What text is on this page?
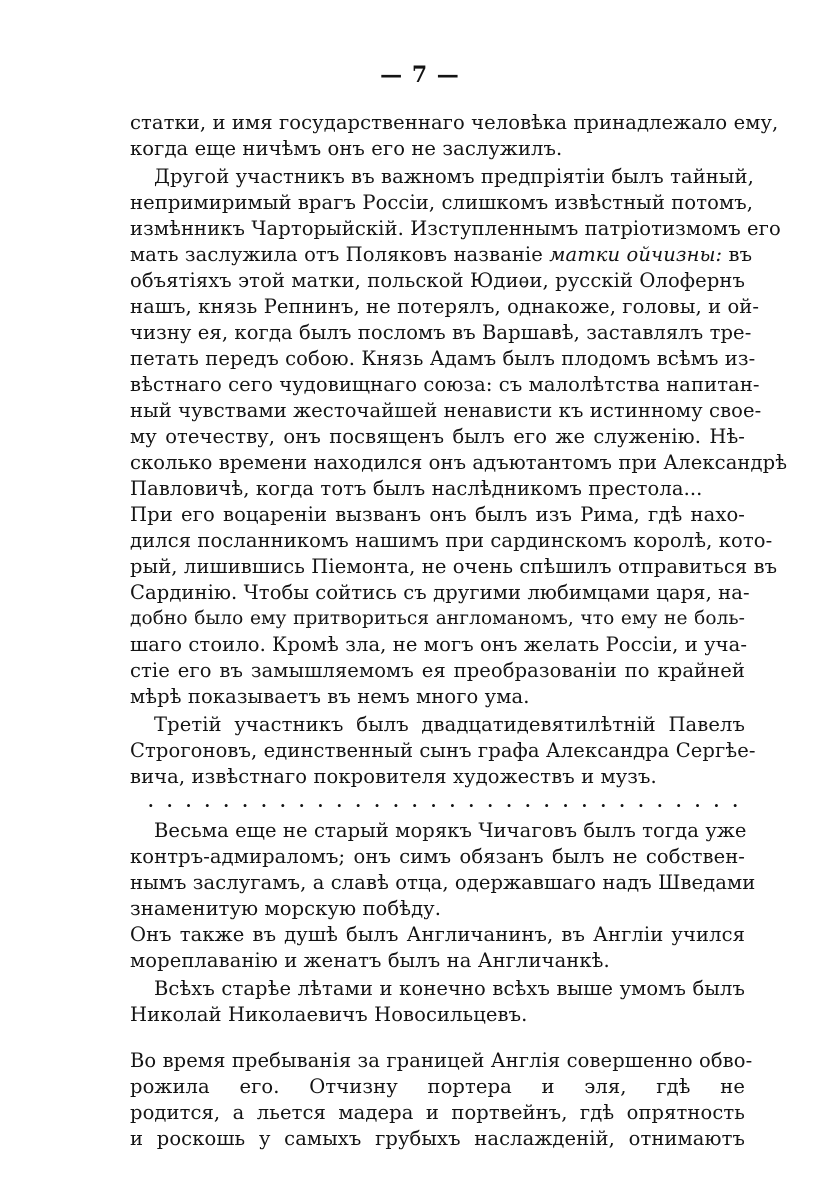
— 7 —
статки, и имя государственнаго человѣка принадлежало ему,
когда еще ничѣмъ онъ его не заслужилъ.
Другой участникъ въ важномъ предпріятіи былъ тайный,
непримиримый врагъ Россіи, слишкомъ извѣстный потомъ,
измѣнникъ Чарторыйскій. Изступленнымъ патріотизмомъ его
мать заслужила отъ Поляковъ названіе матки ойчизны: въ
объятіяхъ этой матки, польской Юдиѳи, русскій Олофернъ
нашъ, князь Репнинъ, не потерялъ, однакоже, головы, и ой-
чизну ея, когда былъ посломъ въ Варшавѣ, заставлялъ тре-
петать передъ собою. Князь Адамъ былъ плодомъ всѣмъ из-
вѣстнаго сего чудовищнаго союза: съ малолѣтства напитан-
ный чувствами жесточайшей ненависти къ истинному свое-
му отечеству, онъ посвященъ былъ его же служенію. Нѣ-
сколько времени находился онъ адъютантомъ при Александрѣ
Павловичѣ, когда тотъ былъ наслѣдникомъ престола...
При его воцареніи вызванъ онъ былъ изъ Рима, гдѣ нахо-
дился посланникомъ нашимъ при сардинскомъ королѣ, кото-
рый, лишившись Піемонта, не очень спѣшилъ отправиться въ
Сардинію. Чтобы сойтись съ другими любимцами царя, на-
добно было ему притвориться англоманомъ, что ему не боль-
шаго стоило. Кромѣ зла, не могъ онъ желать Россіи, и уча-
стіе его въ замышляемомъ ея преобразованіи по крайней
мѣрѣ показываетъ въ немъ много ума.
Третій участникъ былъ двадцатидевятилѣтній Павелъ
Строгоновъ, единственный сынъ графа Александра Сергѣе-
вича, извѣстнаго покровителя художествъ и музъ.
. . . . . . . . . . . . . . . . . . . . . . . . . . . . . . . .
Весьма еще не старый морякъ Чичаговъ былъ тогда уже
контръ-адмираломъ; онъ симъ обязанъ былъ не собствен-
нымъ заслугамъ, а славѣ отца, одержавшаго надъ Шведами
знаменитую морскую побѣду.
Онъ также въ душѣ былъ Англичанинъ, въ Англіи учился
мореплаванію и женатъ былъ на Англичанкѣ.
Всѣхъ старѣе лѣтами и конечно всѣхъ выше умомъ былъ
Николай Николаевичъ Новосильцевъ.
Во время пребыванія за границей Англія совершенно обво-
рожила его. Отчизну портера и эля, гдѣ не
родится, а льется мадера и портвейнъ, гдѣ опрятность
и роскошь у самыхъ грубыхъ наслажденій, отнимаютъ
